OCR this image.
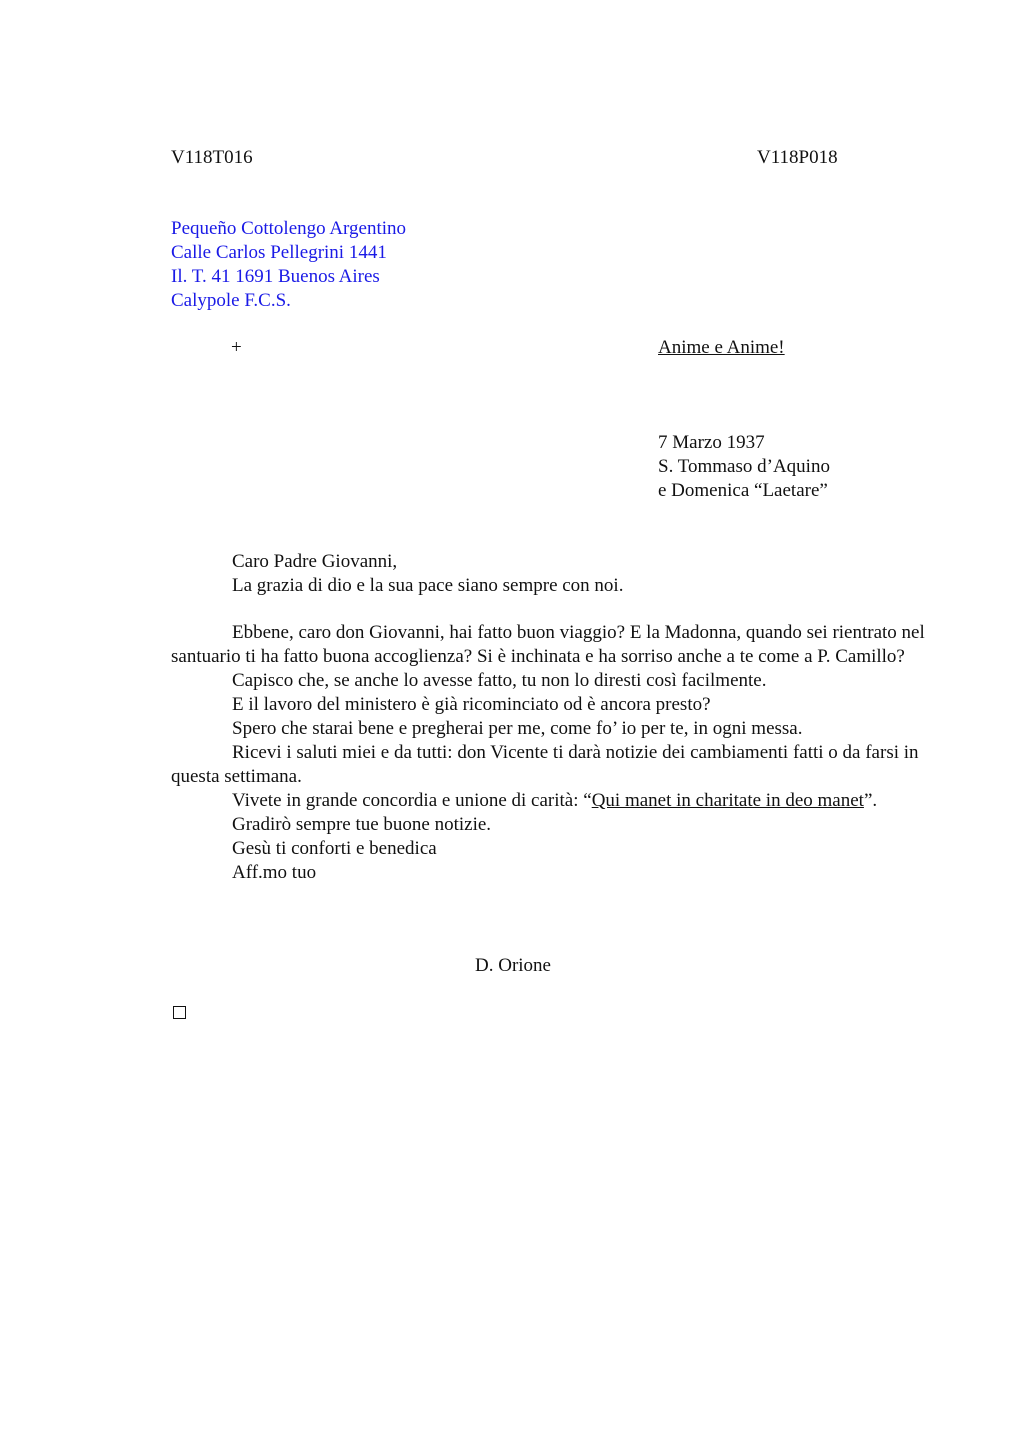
V118T016	V118P018
Pequeño Cottolengo Argentino
Calle Carlos Pellegrini 1441
Il. T. 41 1691 Buenos Aires
Calypole F.C.S.
+	Anime e Anime!
7 Marzo 1937
S. Tommaso d’Aquino
e Domenica “Laetare”
Caro Padre Giovanni,
La grazia di dio e la sua pace siano sempre con noi.

Ebbene, caro don Giovanni, hai fatto buon viaggio? E la Madonna, quando sei rientrato nel santuario ti ha fatto buona accoglienza? Si è inchinata e ha sorriso anche a te come a P. Camillo?

Capisco che, se anche lo avesse fatto, tu non lo diresti così facilmente.

E il lavoro del ministero è già ricominciato od è ancora presto?

Spero che starai bene e pregherai per me, come fo’ io per te, in ogni messa.

Ricevi i saluti miei e da tutti: don Vicente ti darà notizie dei cambiamenti fatti o da farsi in questa settimana.

Vivete in grande concordia e unione di carità: “Qui manet in charitate in deo manet”.

Gradirò sempre tue buone notizie.

Gesù ti conforti e benedica

Aff.mo tuo

D. Orione
